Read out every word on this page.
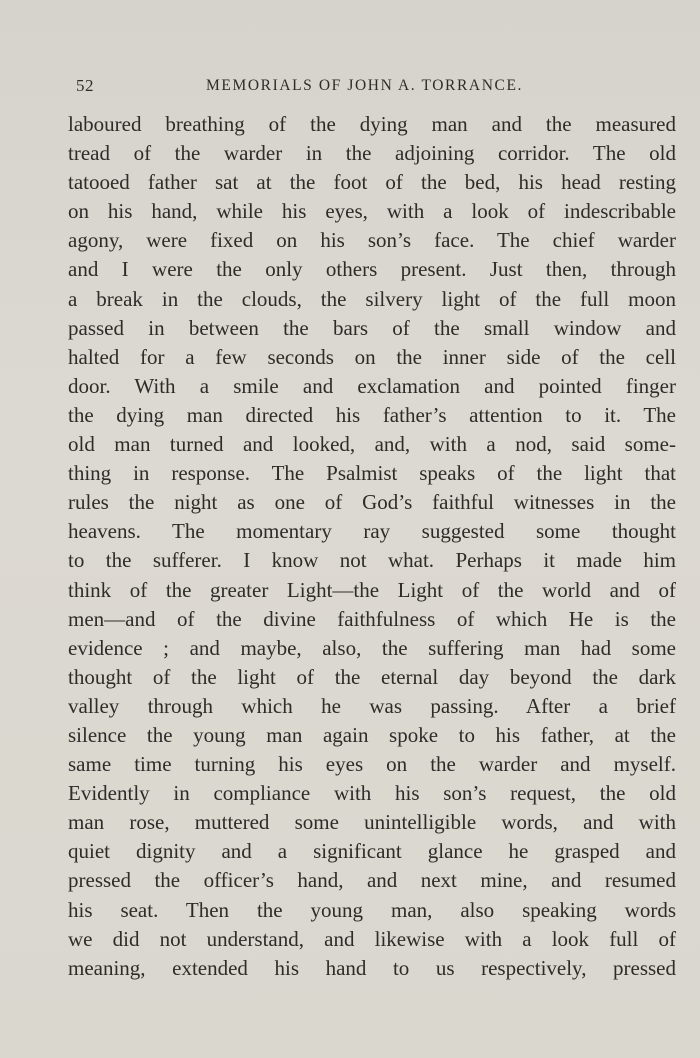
52	MEMORIALS OF JOHN A. TORRANCE.
laboured breathing of the dying man and the measured
tread of the warder in the adjoining corridor. The old
tatooed father sat at the foot of the bed, his head resting
on his hand, while his eyes, with a look of indescribable
agony, were fixed on his son’s face. The chief warder
and I were the only others present. Just then, through
a break in the clouds, the silvery light of the full moon
passed in between the bars of the small window and
halted for a few seconds on the inner side of the cell
door. With a smile and exclamation and pointed finger
the dying man directed his father’s attention to it. The
old man turned and looked, and, with a nod, said some-
thing in response. The Psalmist speaks of the light that
rules the night as one of God’s faithful witnesses in the
heavens. The momentary ray suggested some thought
to the sufferer. I know not what. Perhaps it made him
think of the greater Light—the Light of the world and of
men—and of the divine faithfulness of which He is the
evidence ; and maybe, also, the suffering man had some
thought of the light of the eternal day beyond the dark
valley through which he was passing. After a brief
silence the young man again spoke to his father, at the
same time turning his eyes on the warder and myself.
Evidently in compliance with his son’s request, the old
man rose, muttered some unintelligible words, and with
quiet dignity and a significant glance he grasped and
pressed the officer’s hand, and next mine, and resumed
his seat. Then the young man, also speaking words
we did not understand, and likewise with a look full of
meaning, extended his hand to us respectively, pressed
